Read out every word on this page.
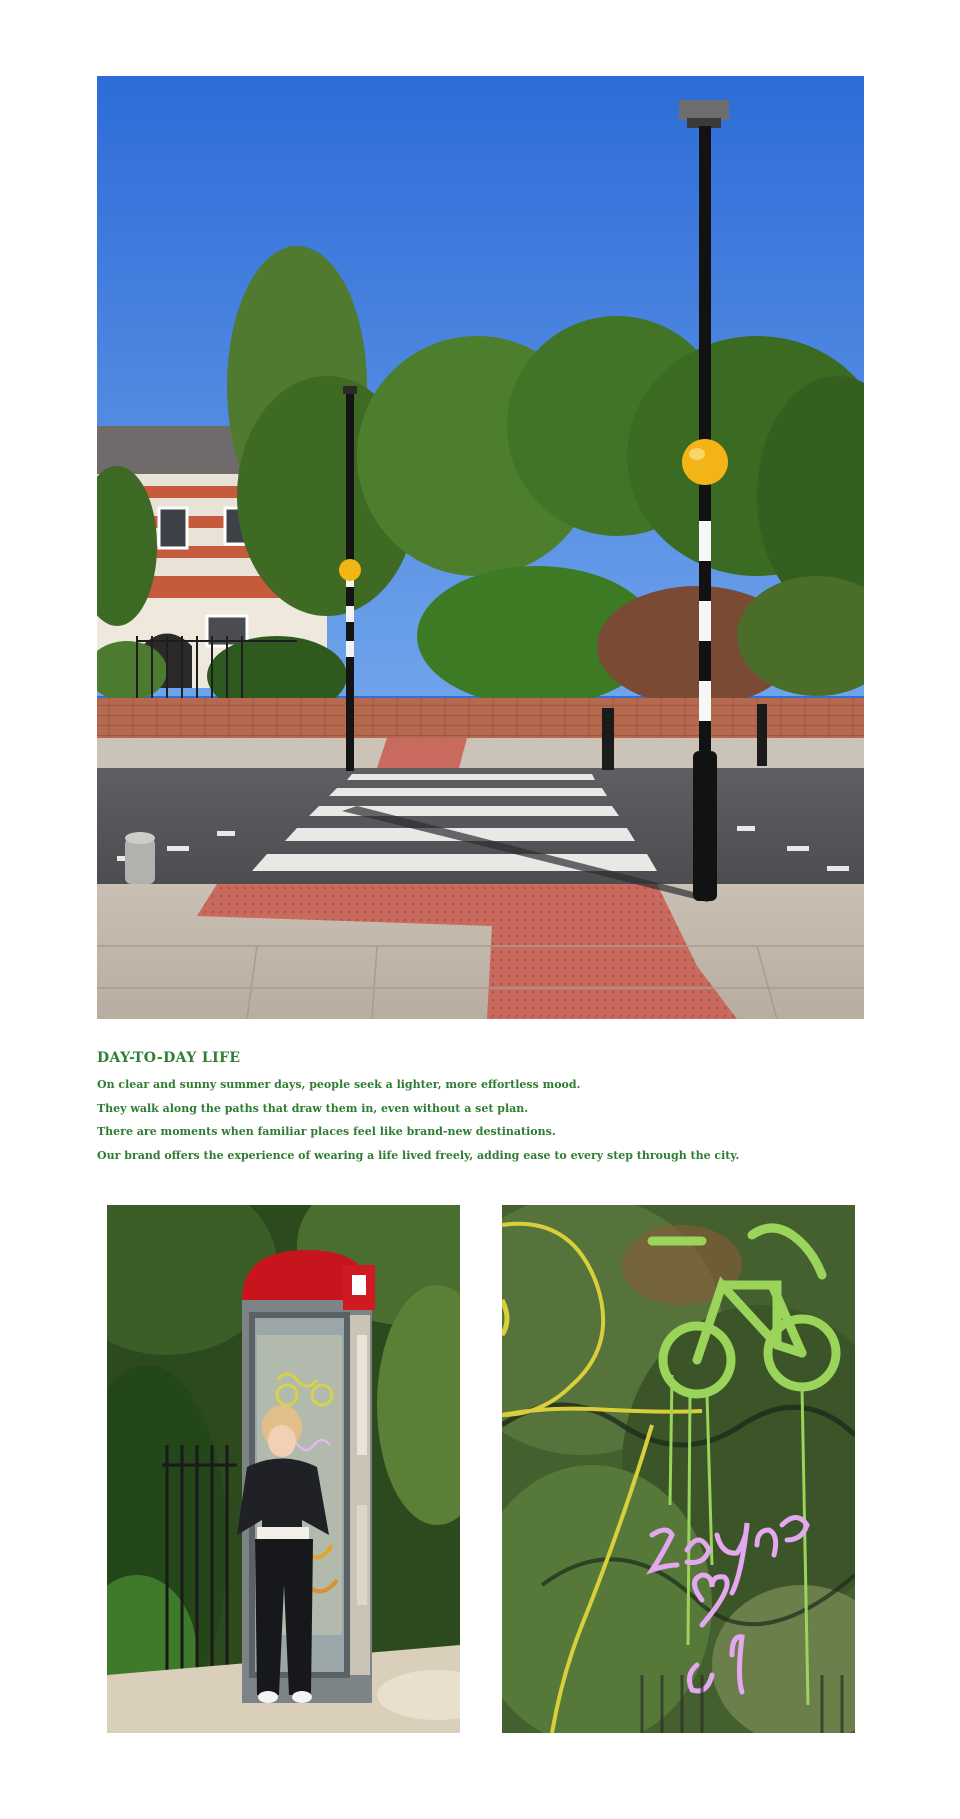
DAY-TO-DAY LIFE

On clear and sunny summer days, people seek a lighter, more effortless mood.

They walk along the paths that draw them in, even without a set plan.

There are moments when familiar places feel like brand-new destinations.

Our brand offers the experience of wearing a life lived freely, adding ease to every step through the city.
